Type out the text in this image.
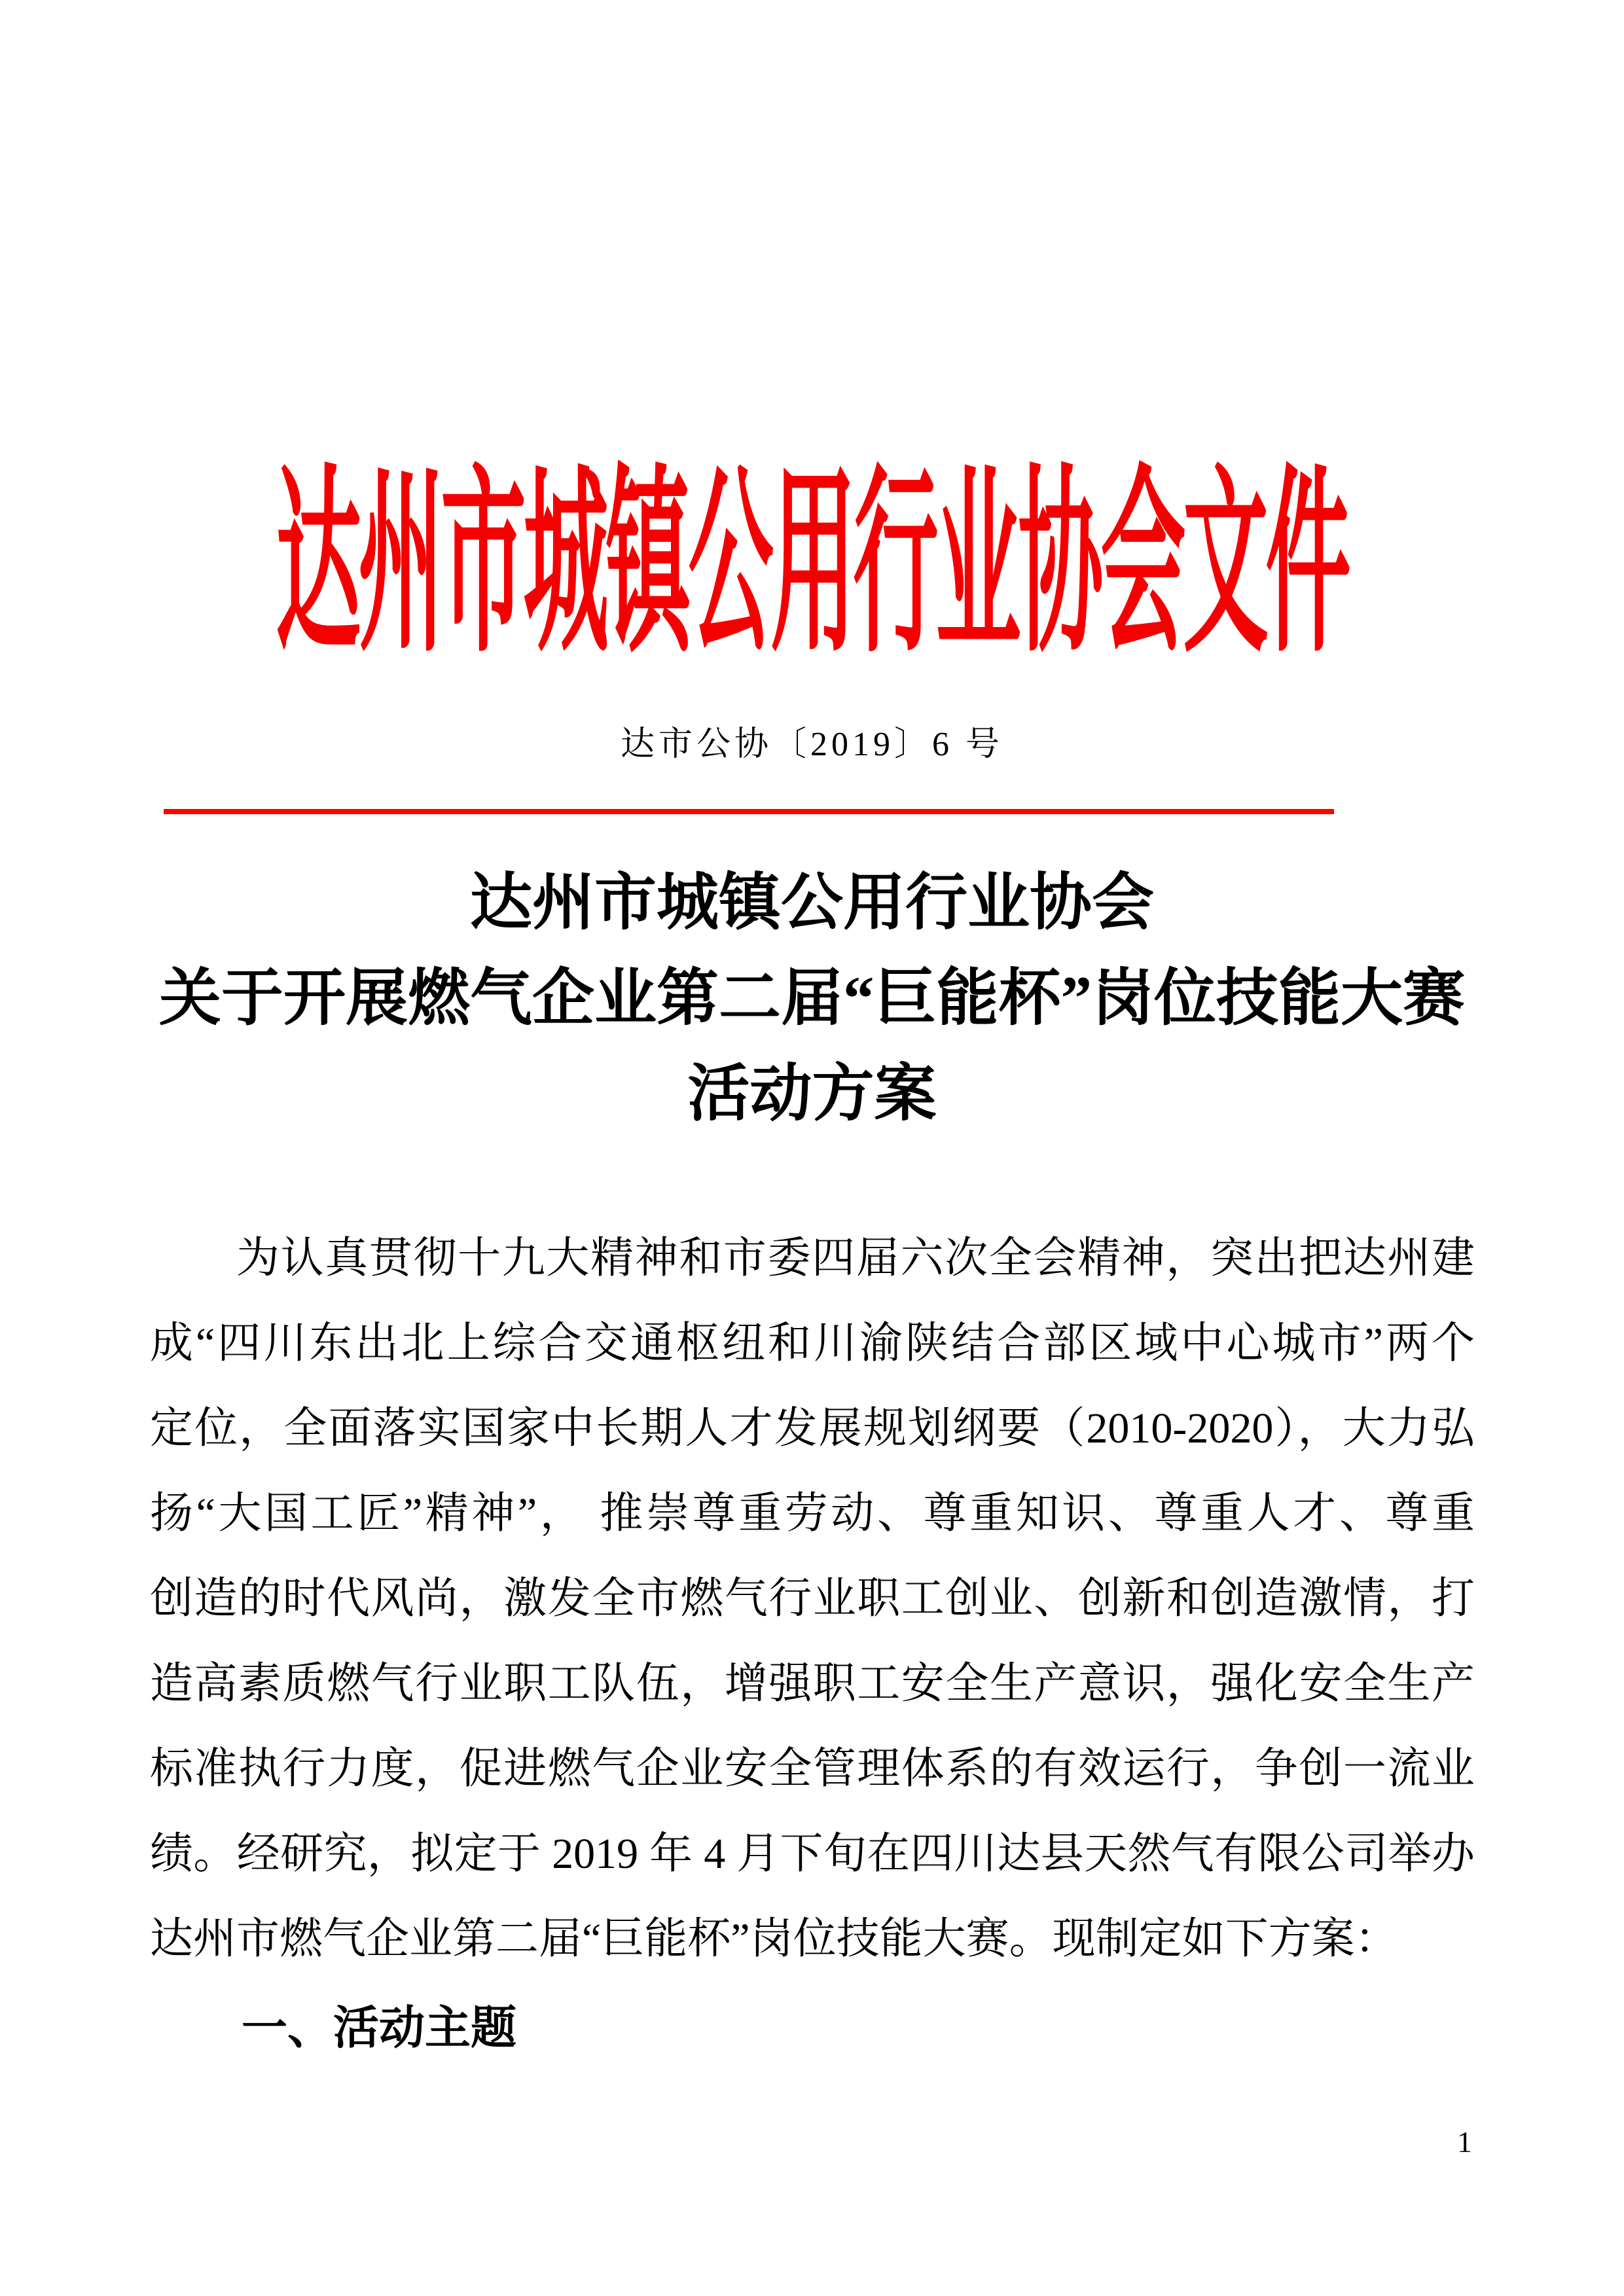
达州市城镇公用行业协会文件
达市公协〔2019〕6 号
达州市城镇公用行业协会
关于开展燃气企业第二届“巨能杯”岗位技能大赛
活动方案
为认真贯彻十九大精神和市委四届六次全会精神，突出把达州建
成“四川东出北上综合交通枢纽和川渝陕结合部区域中心城市”两个
定位，全面落实国家中长期人才发展规划纲要（2010-2020），大力弘
扬“大国工匠”精神”， 推崇尊重劳动、尊重知识、尊重人才、尊重
创造的时代风尚，激发全市燃气行业职工创业、创新和创造激情，打
造高素质燃气行业职工队伍，增强职工安全生产意识，强化安全生产
标准执行力度，促进燃气企业安全管理体系的有效运行，争创一流业
绩。经研究，拟定于 2019 年 4 月下旬在四川达县天然气有限公司举办
达州市燃气企业第二届“巨能杯”岗位技能大赛。现制定如下方案：
一、活动主题
1
